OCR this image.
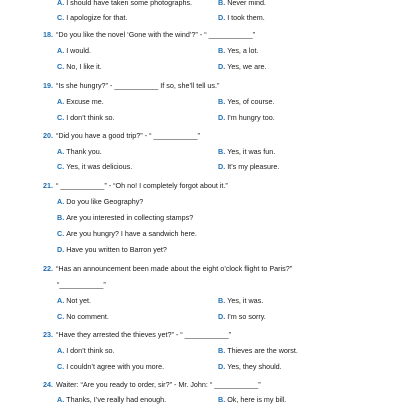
A. I should have taken some photographs.	B. Never mind.
C. I apologize for that.	D. I took them.
18. “Do you like the novel ‘Gone with the wind’?” - “ ___________”
A. I would.	B. Yes, a lot.
C. No, I like it.	D. Yes, we are.
19. “Is she hungry?” - ___________ If so, she’ll tell us.”
A. Excuse me.	B. Yes, of course.
C. I don’t think so.	D. I’m hungry too.
20. “Did you have a good trip?” - “ ___________”
A. Thank you.	B. Yes, it was fun.
C. Yes, it was delicious.	D. It’s my pleasure.
21. “ ___________” - “Oh no! I completely forgot about it.”
A. Do you like Geography?
B. Are you interested in collecting stamps?
C. Are you hungry? I have a sandwich here.
D. Have you written to Barron yet?
22. “Has an announcement been made about the eight o’clock flight to Paris?”
“___________”
A. Not yet.	B. Yes, it was.
C. No comment.	D. I’m so sorry.
23. “Have they arrested the thieves yet?” - “ ___________”
A. I don’t think so.	B. Thieves are the worst.
C. I couldn’t agree with you more.	D. Yes, they should.
24. Waiter: “Are you ready to order, sir?” - Mr. John: “ ___________”
A. Thanks, I’ve really had enough.	B. Ok, here is my bill.
